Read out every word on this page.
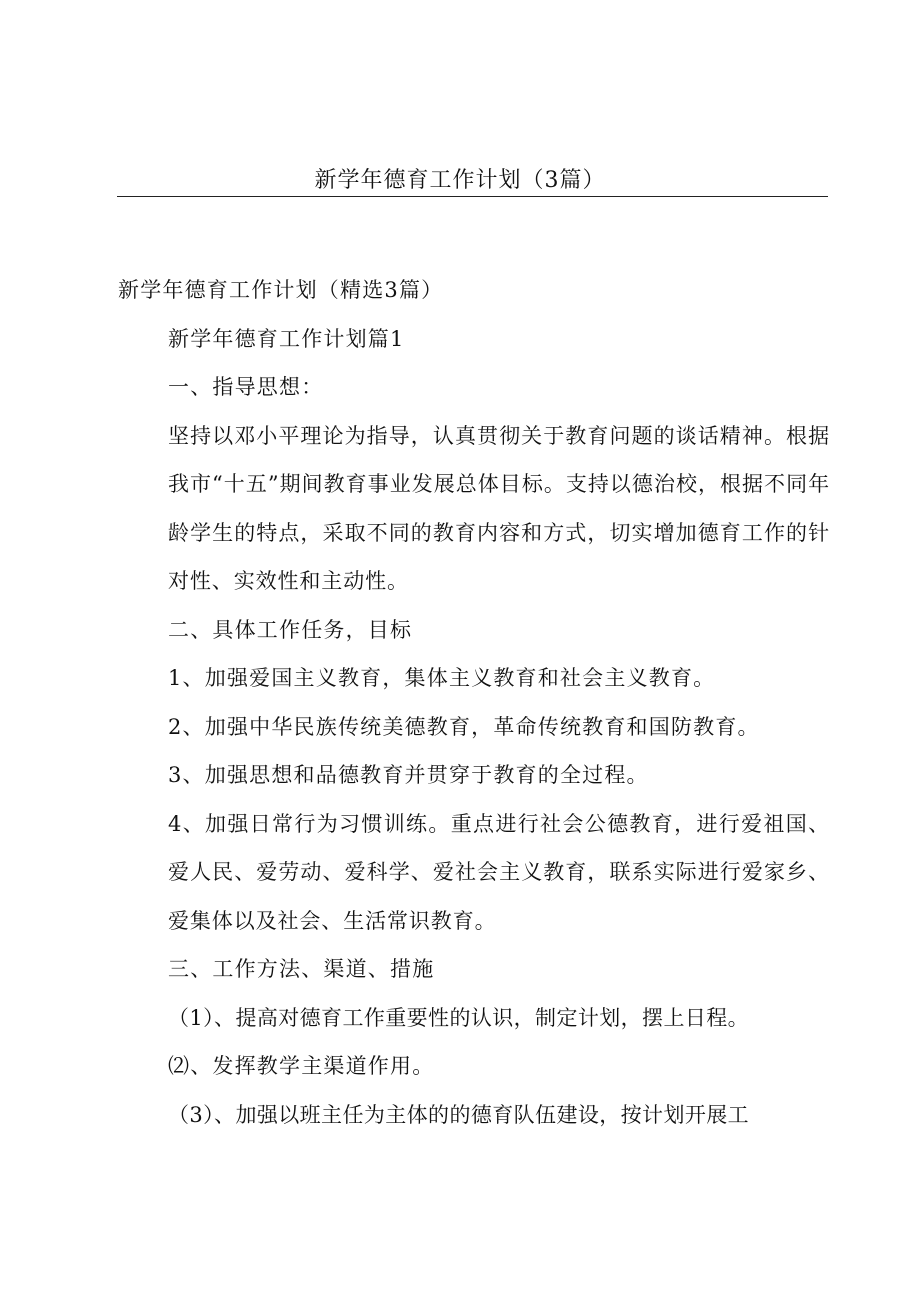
新学年德育工作计划（3篇）

新学年德育工作计划（精选3篇）

新学年德育工作计划篇1

一、指导思想：

坚持以邓小平理论为指导，认真贯彻关于教育问题的谈话精神。根据我市“十五”期间教育事业发展总体目标。支持以德治校，根据不同年龄学生的特点，采取不同的教育内容和方式，切实增加德育工作的针对性、实效性和主动性。

二、具体工作任务，目标

1、加强爱国主义教育，集体主义教育和社会主义教育。

2、加强中华民族传统美德教育，革命传统教育和国防教育。

3、加强思想和品德教育并贯穿于教育的全过程。

4、加强日常行为习惯训练。重点进行社会公德教育，进行爱祖国、爱人民、爱劳动、爱科学、爱社会主义教育，联系实际进行爱家乡、爱集体以及社会、生活常识教育。

三、工作方法、渠道、措施

（1）、提高对德育工作重要性的认识，制定计划，摆上日程。

⑵、发挥教学主渠道作用。

（3）、加强以班主任为主体的的德育队伍建设，按计划开展工
